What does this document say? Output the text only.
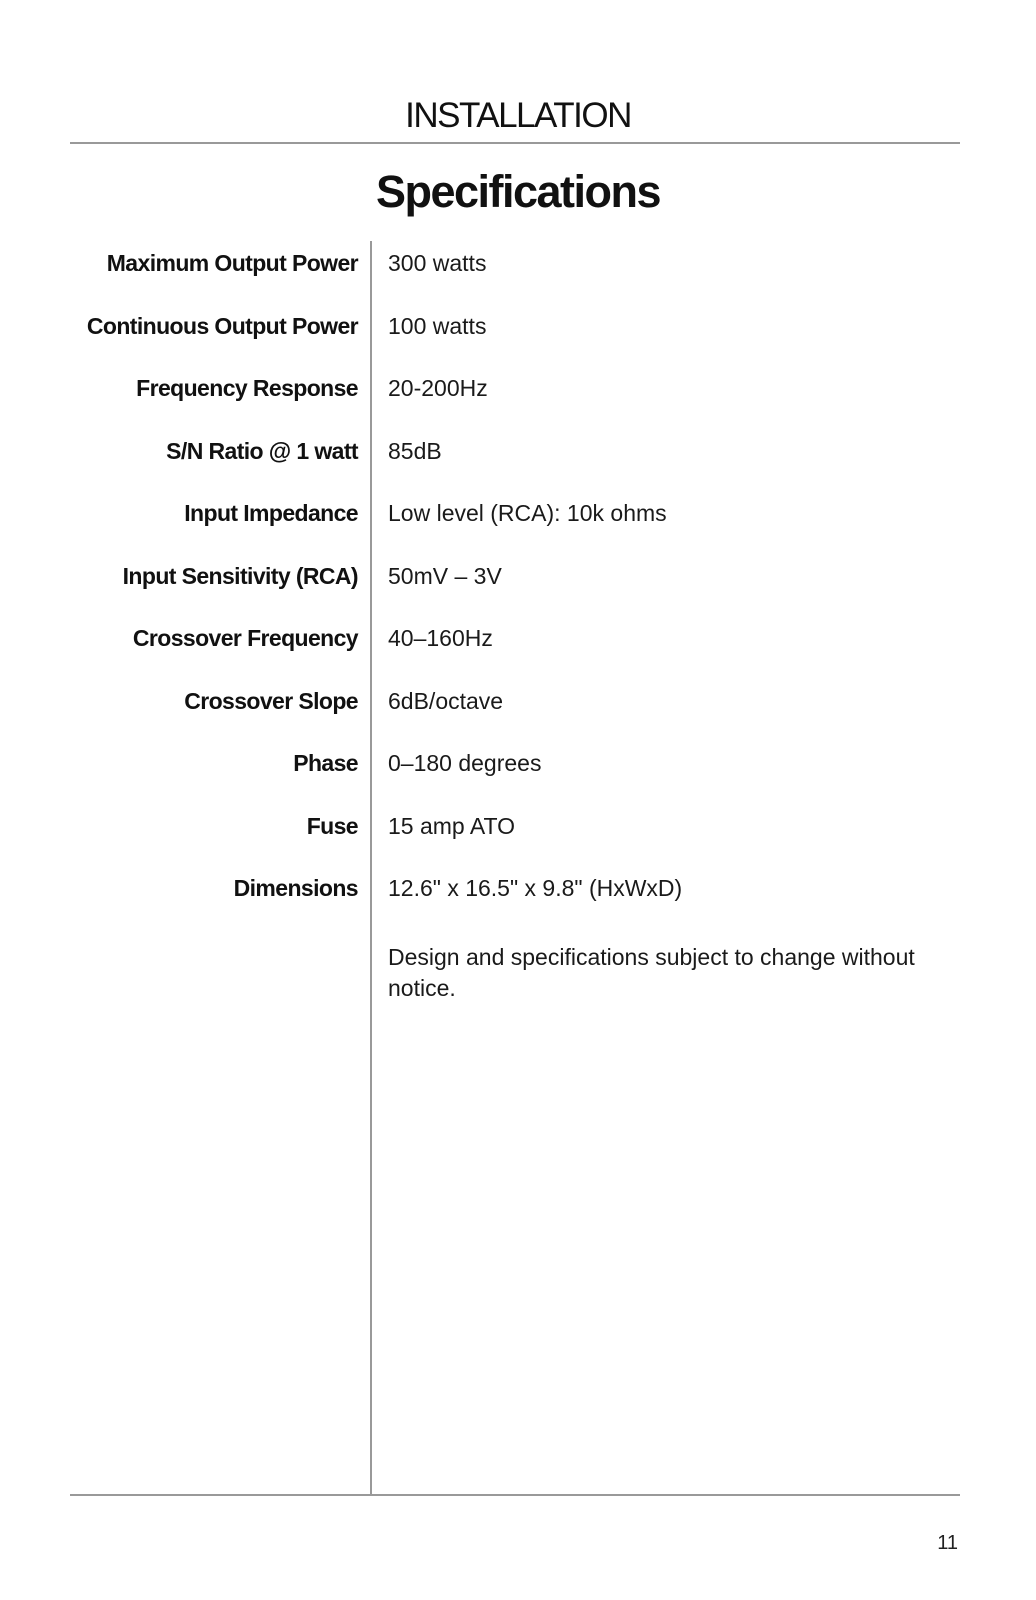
INSTALLATION
Specifications
Maximum Output Power 300 watts
Continuous Output Power 100 watts
Frequency Response 20-200Hz
S/N Ratio @ 1 watt 85dB
Input Impedance Low level (RCA): 10k ohms
Input Sensitivity (RCA) 50mV – 3V
Crossover Frequency 40–160Hz
Crossover Slope 6dB/octave
Phase 0–180 degrees
Fuse 15 amp ATO
Dimensions 12.6" x 16.5" x 9.8" (HxWxD)
Design and specifications subject to change without notice.
11
